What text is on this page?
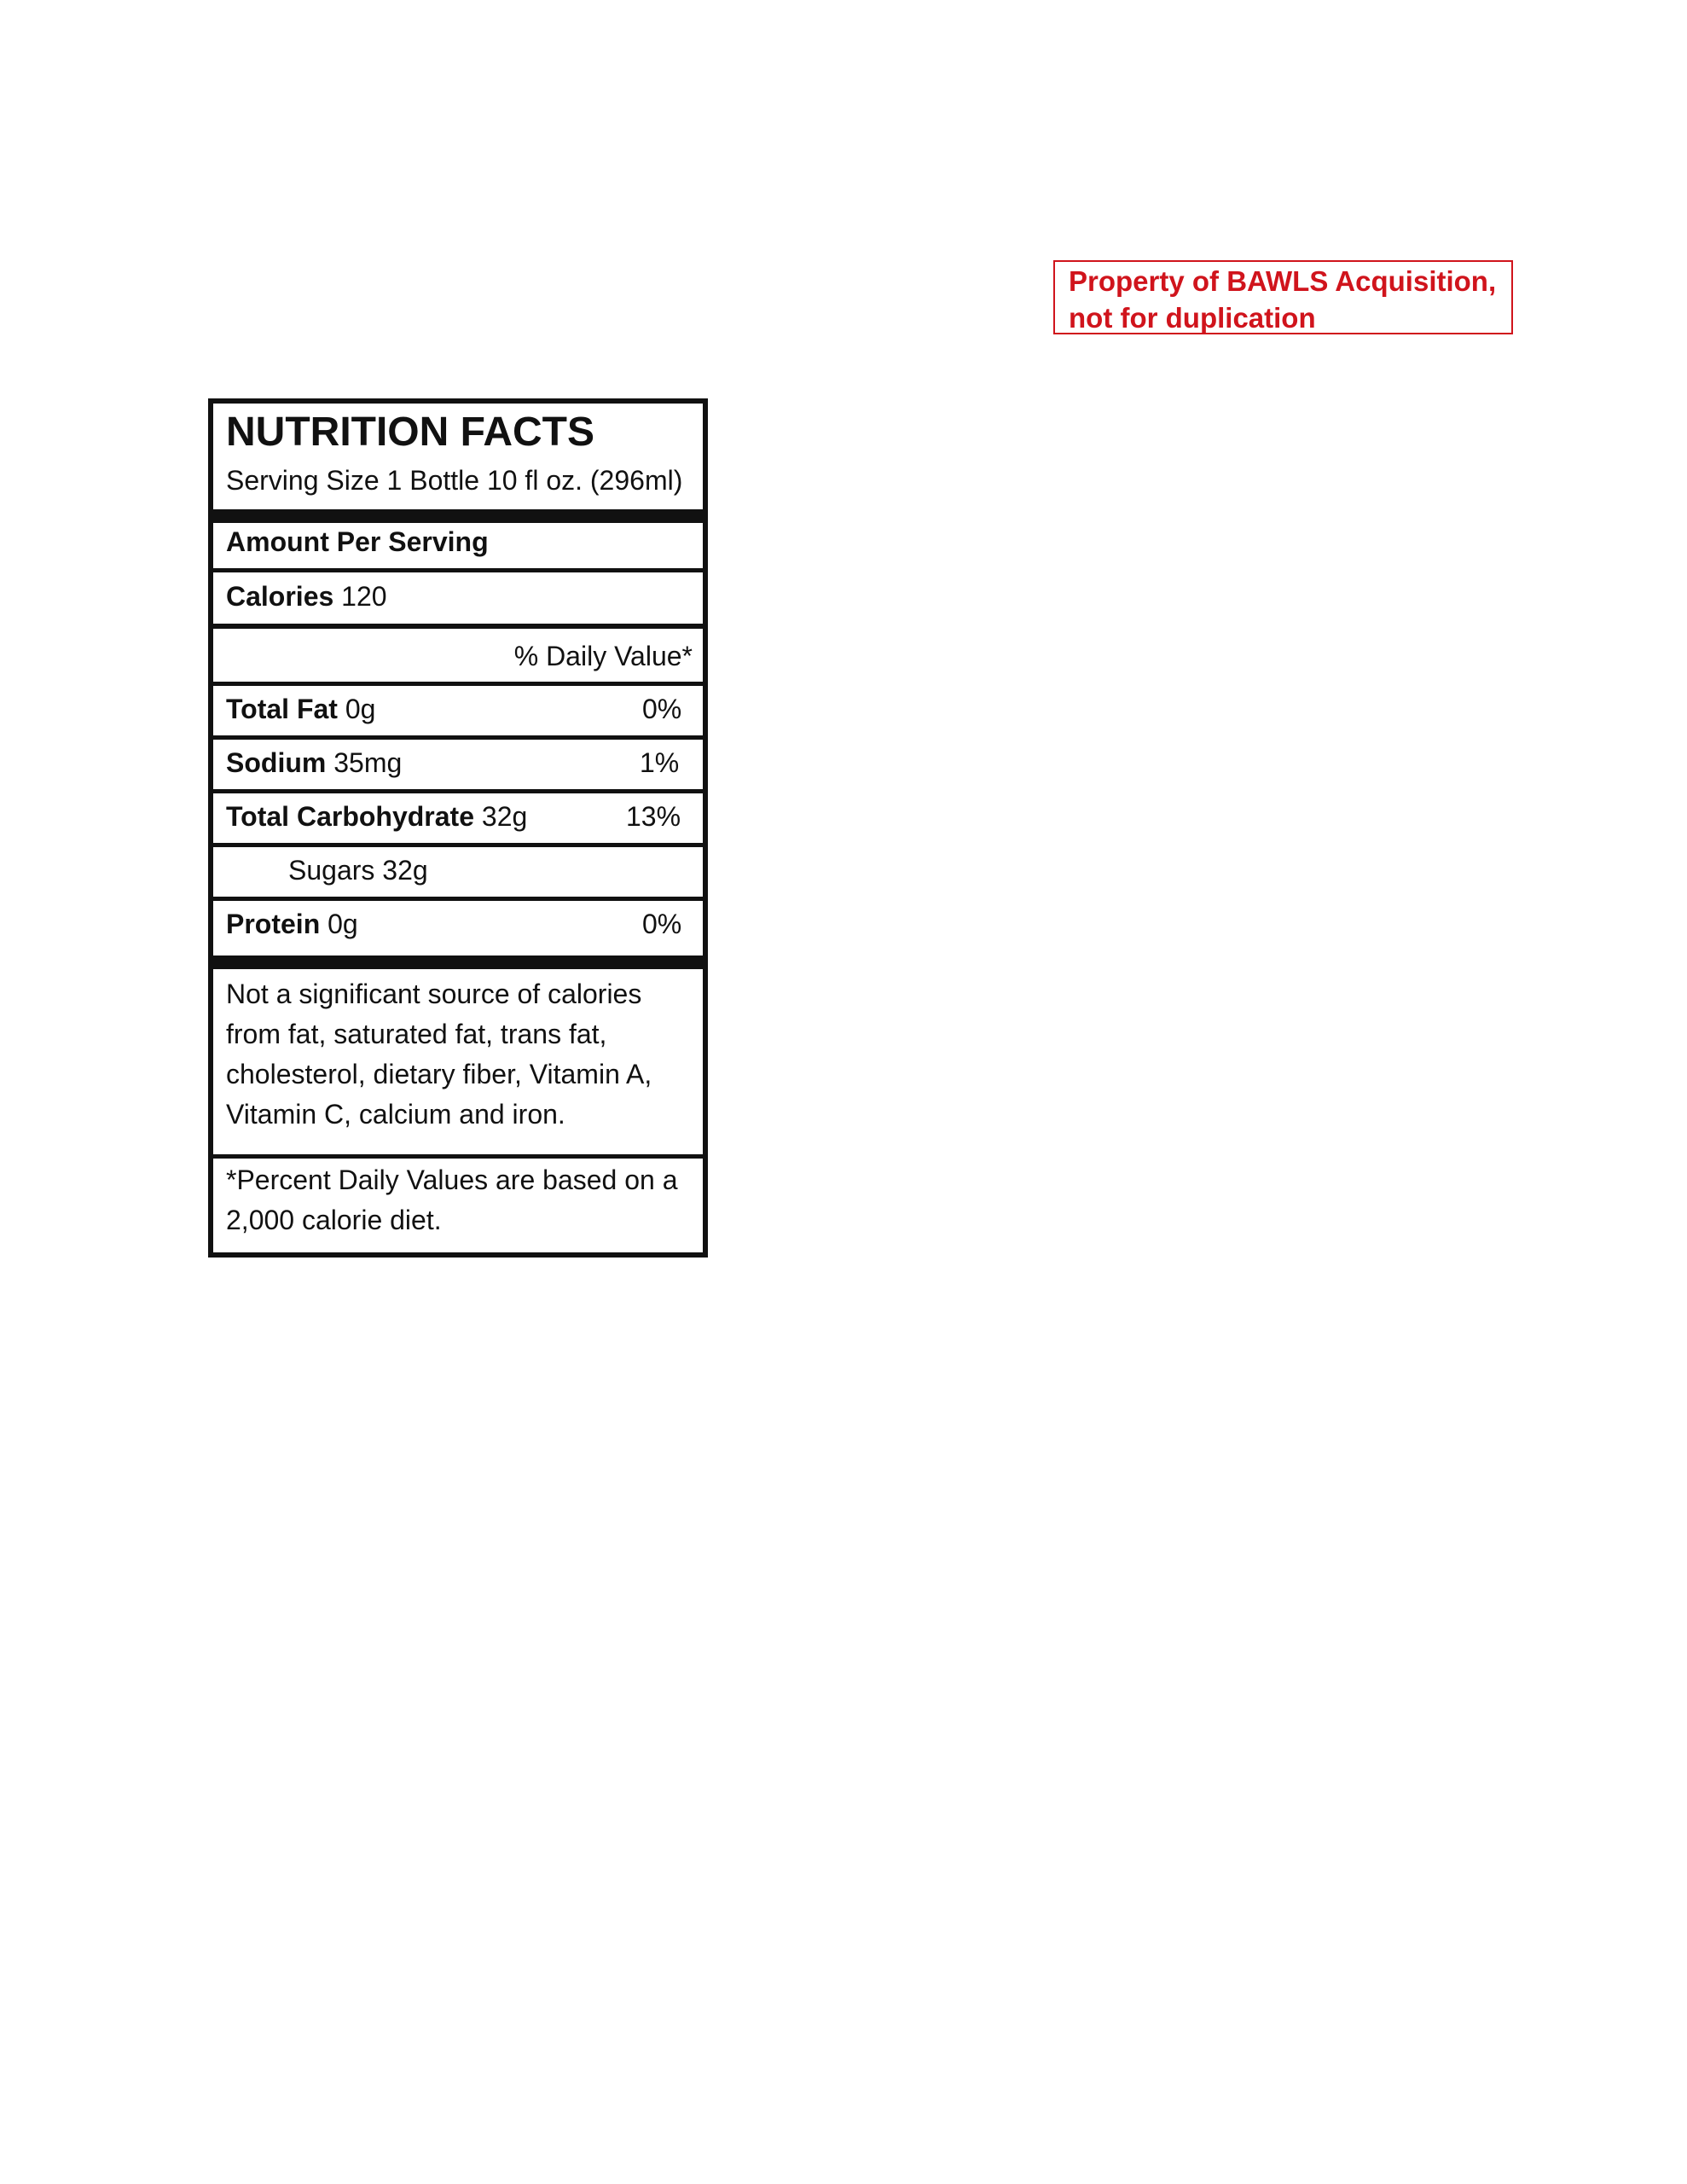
Property of BAWLS Acquisition,
not for duplication
NUTRITION FACTS
Serving Size 1 Bottle 10 fl oz. (296ml)
Amount Per Serving
Calories 120
% Daily Value*
Total Fat 0g	0%
Sodium 35mg	1%
Total Carbohydrate 32g	13%
Sugars 32g
Protein 0g	0%
Not a significant source of calories from fat, saturated fat, trans fat, cholesterol, dietary fiber, Vitamin A, Vitamin C, calcium and iron.
*Percent Daily Values are based on a 2,000 calorie diet.
